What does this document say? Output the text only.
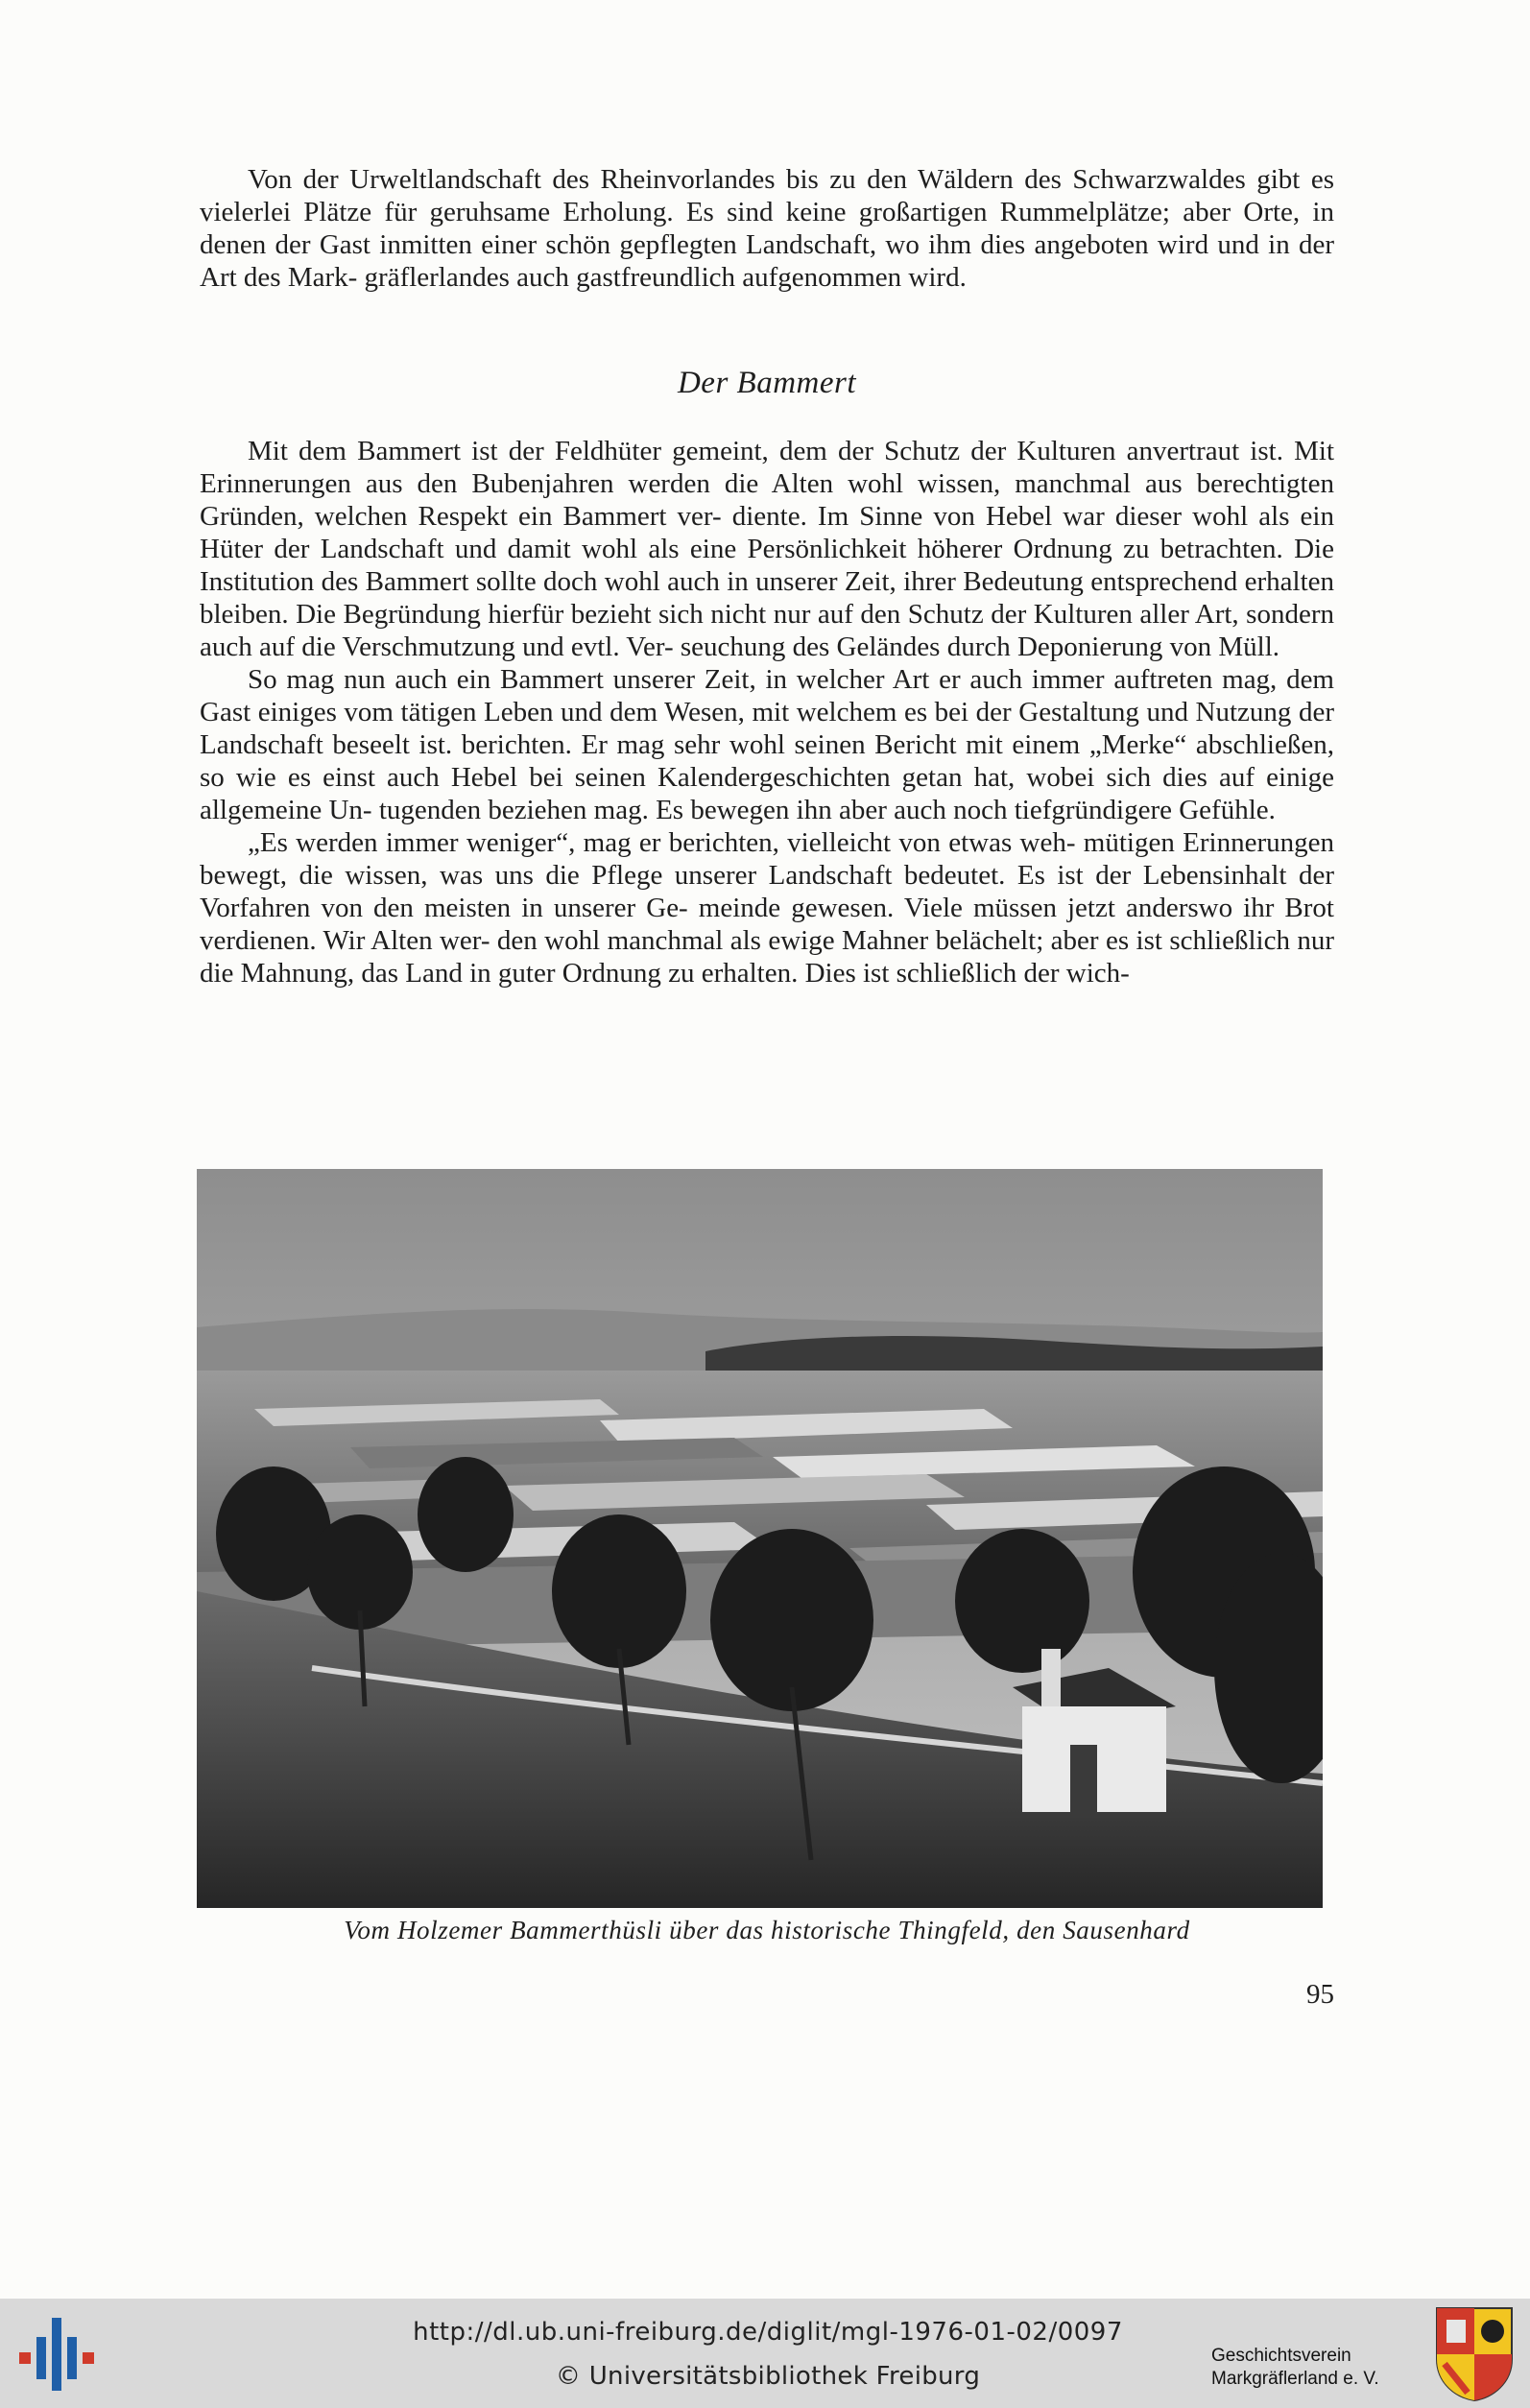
Von der Urweltlandschaft des Rheinvorlandes bis zu den Wäldern des Schwarzwaldes gibt es vielerlei Plätze für geruhsame Erholung. Es sind keine großartigen Rummelplätze; aber Orte, in denen der Gast inmitten einer schön gepflegten Landschaft, wo ihm dies angeboten wird und in der Art des Mark- gräflerlandes auch gastfreundlich aufgenommen wird.

Der Bammert

Mit dem Bammert ist der Feldhüter gemeint, dem der Schutz der Kulturen anvertraut ist. Mit Erinnerungen aus den Bubenjahren werden die Alten wohl wissen, manchmal aus berechtigten Gründen, welchen Respekt ein Bammert ver- diente. Im Sinne von Hebel war dieser wohl als ein Hüter der Landschaft und damit wohl als eine Persönlichkeit höherer Ordnung zu betrachten. Die Institution des Bammert sollte doch wohl auch in unserer Zeit, ihrer Bedeutung entsprechend erhalten bleiben. Die Begründung hierfür bezieht sich nicht nur auf den Schutz der Kulturen aller Art, sondern auch auf die Verschmutzung und evtl. Ver- seuchung des Geländes durch Deponierung von Müll.

So mag nun auch ein Bammert unserer Zeit, in welcher Art er auch immer auftreten mag, dem Gast einiges vom tätigen Leben und dem Wesen, mit welchem es bei der Gestaltung und Nutzung der Landschaft beseelt ist. berichten. Er mag sehr wohl seinen Bericht mit einem „Merke“ abschließen, so wie es einst auch Hebel bei seinen Kalendergeschichten getan hat, wobei sich dies auf einige allgemeine Un- tugenden beziehen mag. Es bewegen ihn aber auch noch tiefgründigere Gefühle.

„Es werden immer weniger“, mag er berichten, vielleicht von etwas weh- mütigen Erinnerungen bewegt, die wissen, was uns die Pflege unserer Landschaft bedeutet. Es ist der Lebensinhalt der Vorfahren von den meisten in unserer Ge- meinde gewesen. Viele müssen jetzt anderswo ihr Brot verdienen. Wir Alten wer- den wohl manchmal als ewige Mahner belächelt; aber es ist schließlich nur die Mahnung, das Land in guter Ordnung zu erhalten. Dies ist schließlich der wich-

Vom Holzemer Bammerthüsli über das historische Thingfeld, den Sausenhard
95
http://dl.ub.uni-freiburg.de/diglit/mgl-1976-01-02/0097
© Universitätsbibliothek Freiburg
Geschichtsverein
Markgräflerland e. V.
